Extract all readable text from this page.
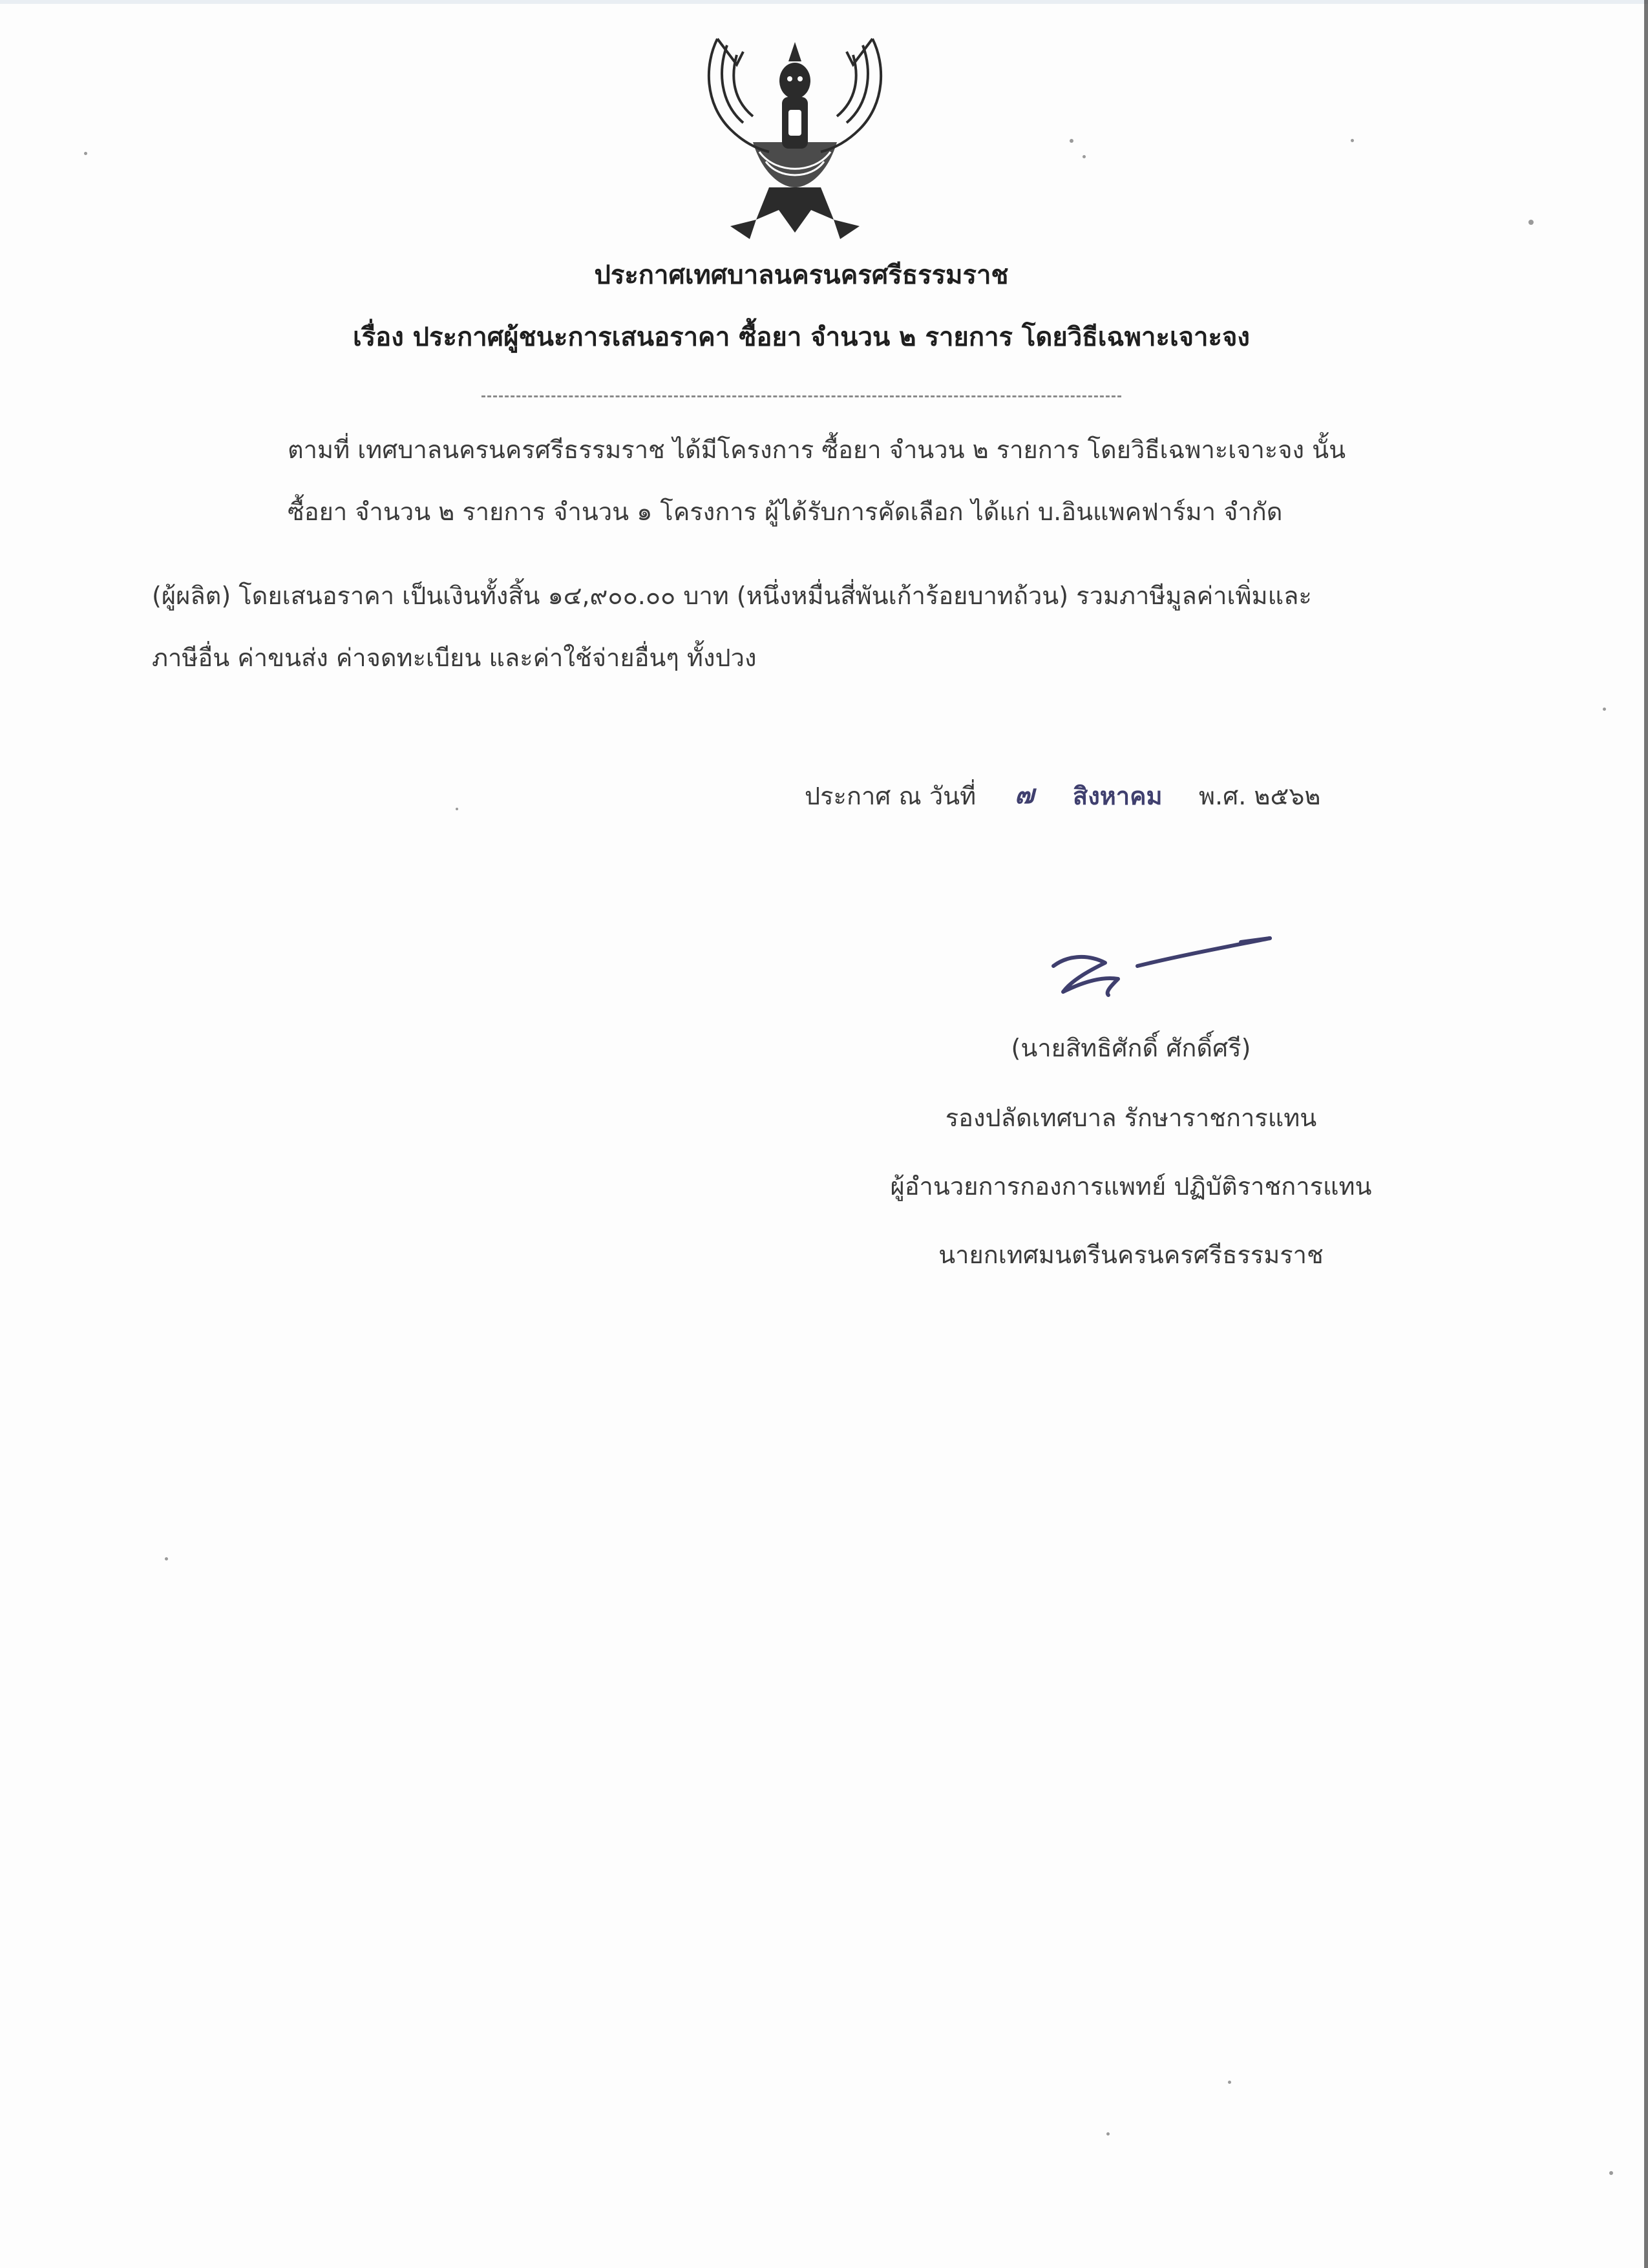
ประกาศเทศบาลนครนครศรีธรรมราช
เรื่อง ประกาศผู้ชนะการเสนอราคา ซื้อยา จำนวน ๒ รายการ โดยวิธีเฉพาะเจาะจง
ตามที่ เทศบาลนครนครศรีธรรมราช ได้มีโครงการ ซื้อยา จำนวน ๒ รายการ โดยวิธีเฉพาะเจาะจง นั้น
ซื้อยา จำนวน ๒ รายการ จำนวน ๑ โครงการ ผู้ได้รับการคัดเลือก ได้แก่ บ.อินแพคฟาร์มา จำกัด
(ผู้ผลิต) โดยเสนอราคา เป็นเงินทั้งสิ้น ๑๔,๙๐๐.๐๐ บาท (หนึ่งหมื่นสี่พันเก้าร้อยบาทถ้วน) รวมภาษีมูลค่าเพิ่มและ
ภาษีอื่น ค่าขนส่ง ค่าจดทะเบียน และค่าใช้จ่ายอื่นๆ ทั้งปวง
ประกาศ ณ วันที่ ๗ สิงหาคม พ.ศ. ๒๕๖๒
(นายสิทธิศักดิ์ ศักดิ์ศรี)
รองปลัดเทศบาล รักษาราชการแทน
ผู้อำนวยการกองการแพทย์ ปฏิบัติราชการแทน
นายกเทศมนตรีนครนครศรีธรรมราช
